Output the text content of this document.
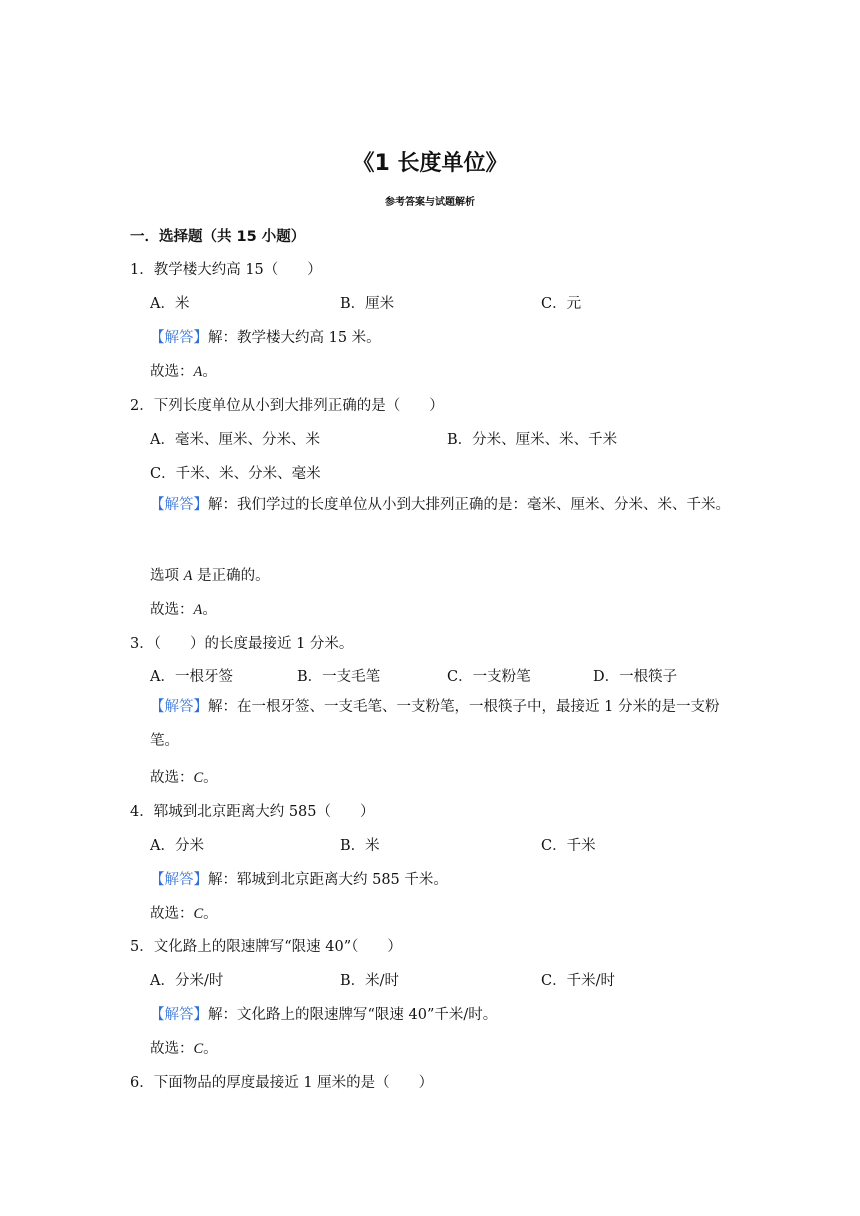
《1 长度单位》
参考答案与试题解析
一．选择题（共 15 小题）
1．教学楼大约高 15（　　）
A．米	B．厘米	C．元
【解答】解：教学楼大约高 15 米。
故选：A。
2．下列长度单位从小到大排列正确的是（　　）
A．毫米、厘米、分米、米	B．分米、厘米、米、千米
C．千米、米、分米、毫米
【解答】解：我们学过的长度单位从小到大排列正确的是：毫米、厘米、分米、米、千米。
选项 A 是正确的。
故选：A。
3．（　　）的长度最接近 1 分米。
A．一根牙签	B．一支毛笔	C．一支粉笔	D．一根筷子
【解答】解：在一根牙签、一支毛笔、一支粉笔，一根筷子中，最接近 1 分米的是一支粉笔。
故选：C。
4．郓城到北京距离大约 585（　　）
A．分米	B．米	C．千米
【解答】解：郓城到北京距离大约 585 千米。
故选：C。
5．文化路上的限速牌写“限速 40”（　　）
A．分米/时	B．米/时	C．千米/时
【解答】解：文化路上的限速牌写“限速 40”千米/时。
故选：C。
6．下面物品的厚度最接近 1 厘米的是（　　）
